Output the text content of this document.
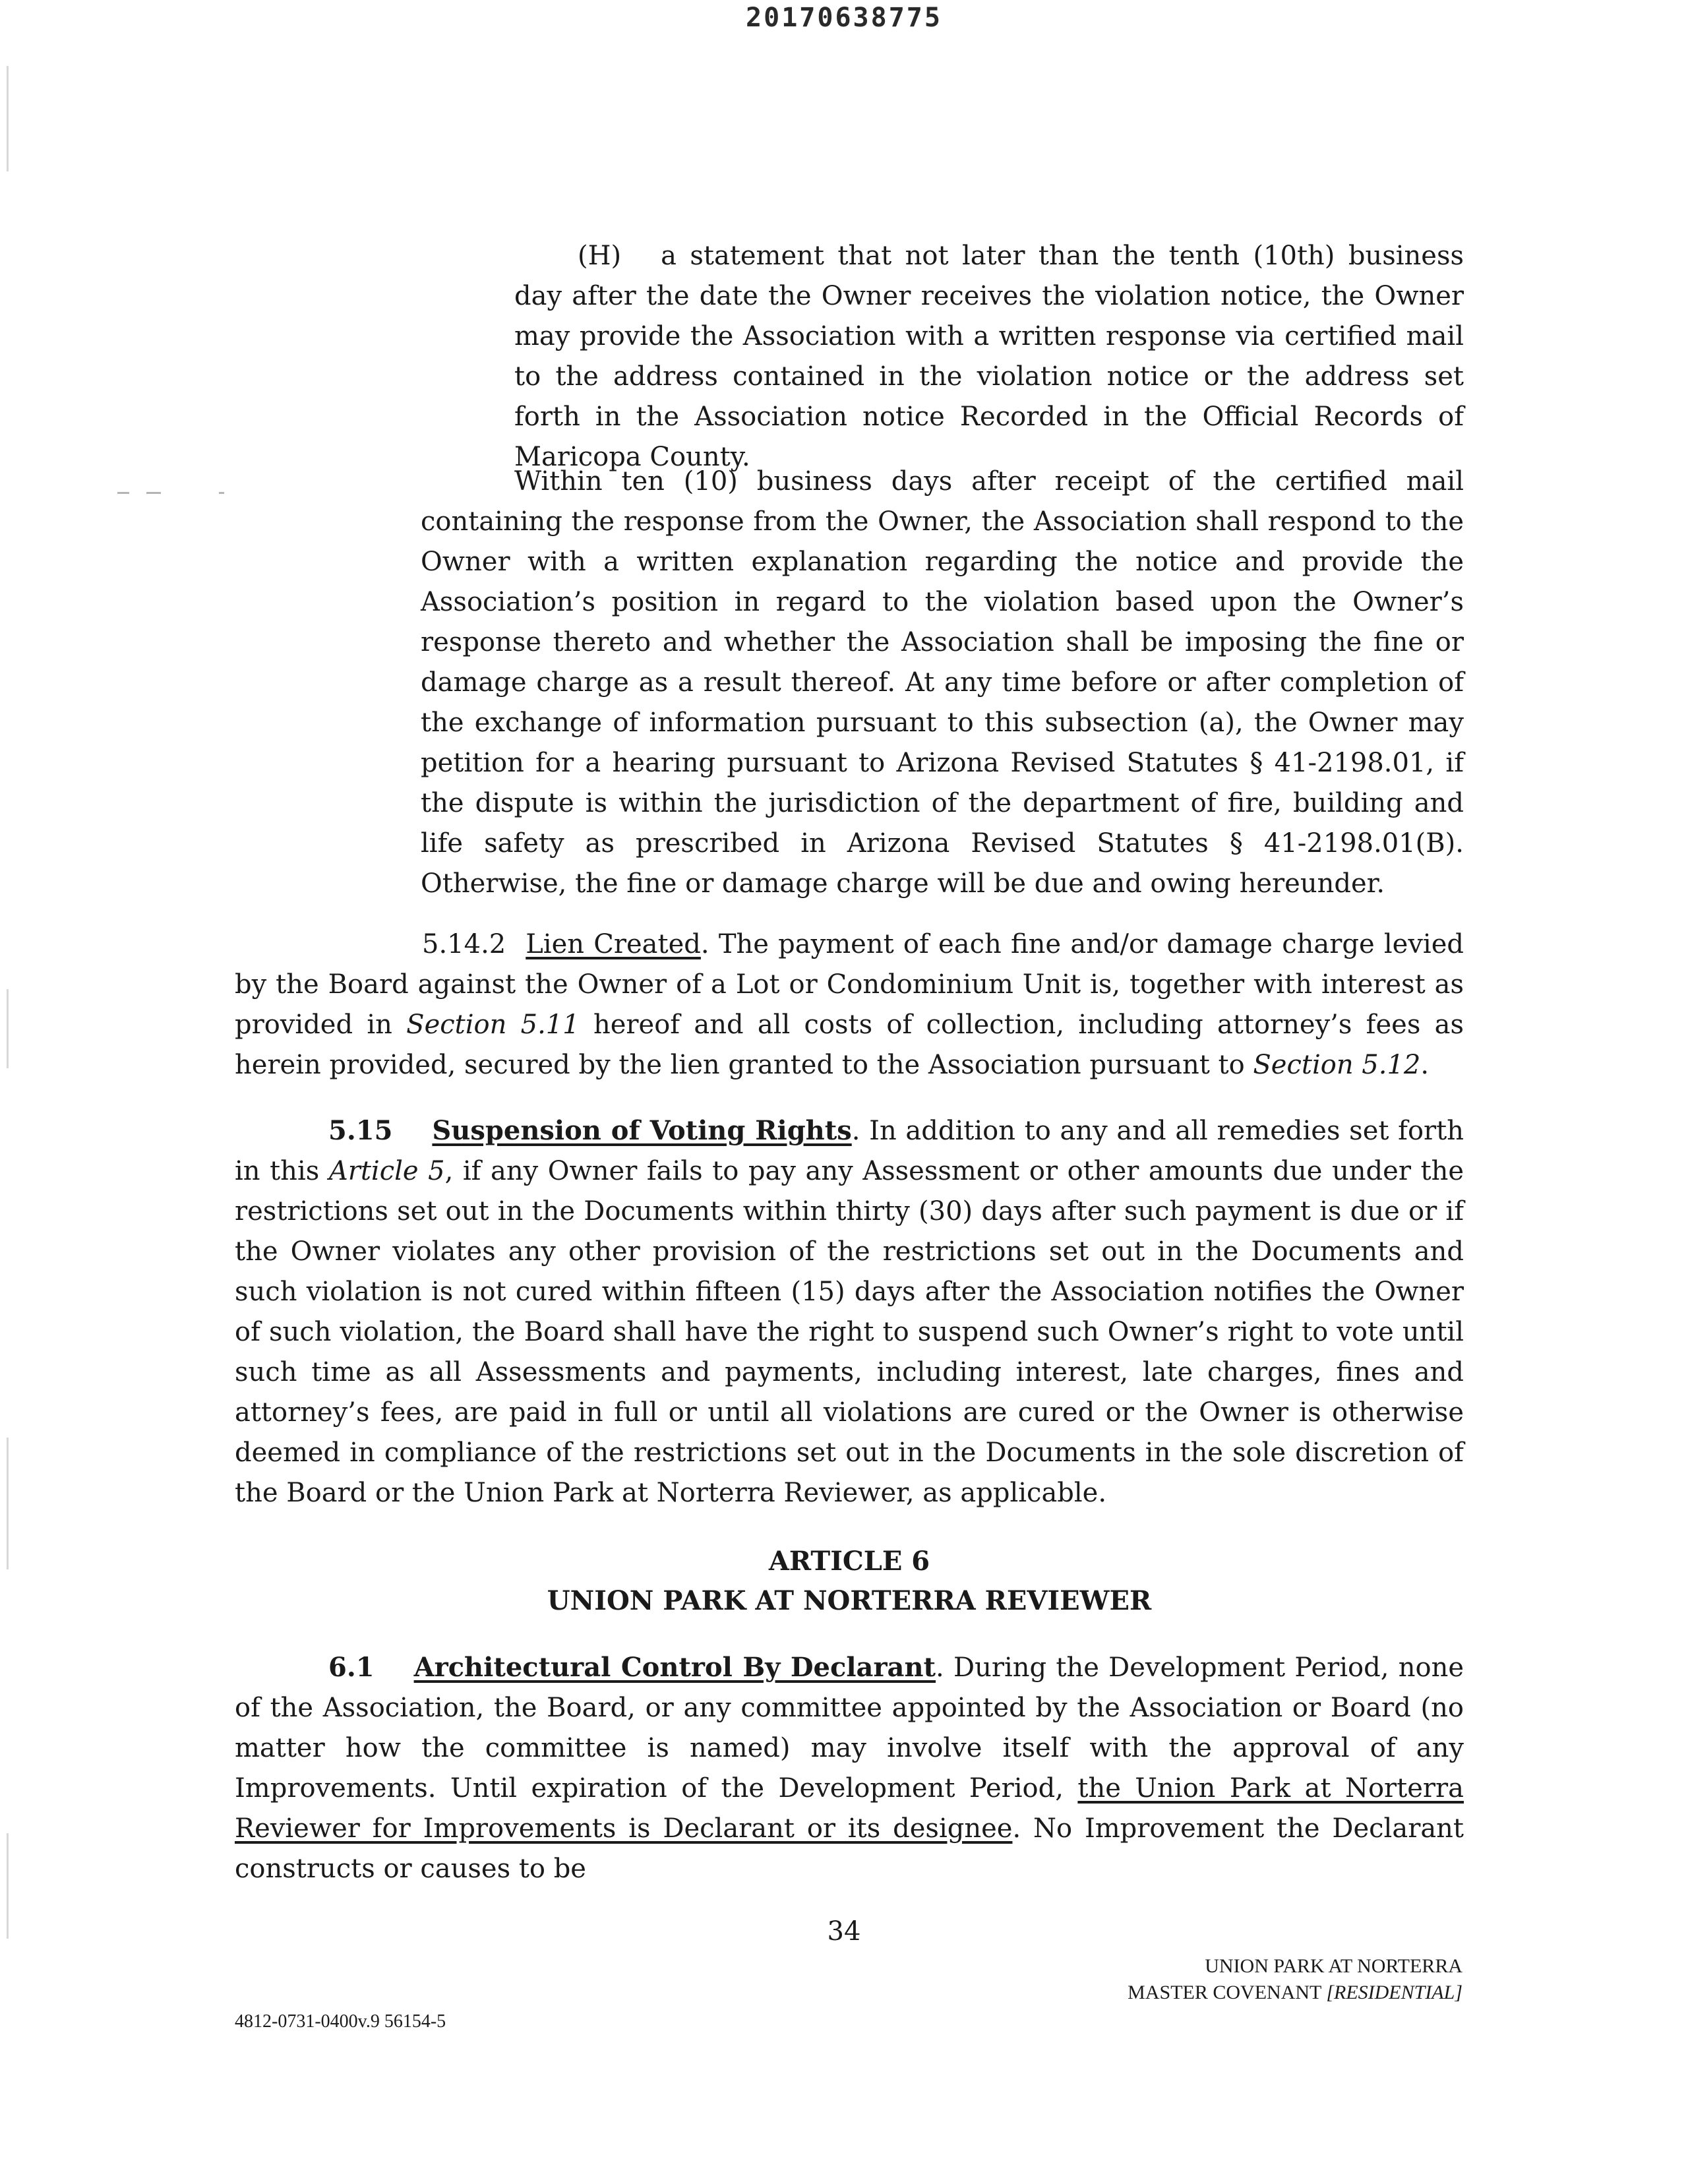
20170638775

(H) a statement that not later than the tenth (10th) business day after the date the Owner receives the violation notice, the Owner may provide the Association with a written response via certified mail to the address contained in the violation notice or the address set forth in the Association notice Recorded in the Official Records of Maricopa County.

Within ten (10) business days after receipt of the certified mail containing the response from the Owner, the Association shall respond to the Owner with a written explanation regarding the notice and provide the Association’s position in regard to the violation based upon the Owner’s response thereto and whether the Association shall be imposing the fine or damage charge as a result thereof. At any time before or after completion of the exchange of information pursuant to this subsection (a), the Owner may petition for a hearing pursuant to Arizona Revised Statutes § 41-2198.01, if the dispute is within the jurisdiction of the department of fire, building and life safety as prescribed in Arizona Revised Statutes § 41-2198.01(B). Otherwise, the fine or damage charge will be due and owing hereunder.

5.14.2 Lien Created. The payment of each fine and/or damage charge levied by the Board against the Owner of a Lot or Condominium Unit is, together with interest as provided in Section 5.11 hereof and all costs of collection, including attorney’s fees as herein provided, secured by the lien granted to the Association pursuant to Section 5.12.

5.15 Suspension of Voting Rights. In addition to any and all remedies set forth in this Article 5, if any Owner fails to pay any Assessment or other amounts due under the restrictions set out in the Documents within thirty (30) days after such payment is due or if the Owner violates any other provision of the restrictions set out in the Documents and such violation is not cured within fifteen (15) days after the Association notifies the Owner of such violation, the Board shall have the right to suspend such Owner’s right to vote until such time as all Assessments and payments, including interest, late charges, fines and attorney’s fees, are paid in full or until all violations are cured or the Owner is otherwise deemed in compliance of the restrictions set out in the Documents in the sole discretion of the Board or the Union Park at Norterra Reviewer, as applicable.

ARTICLE 6
UNION PARK AT NORTERRA REVIEWER

6.1 Architectural Control By Declarant. During the Development Period, none of the Association, the Board, or any committee appointed by the Association or Board (no matter how the committee is named) may involve itself with the approval of any Improvements. Until expiration of the Development Period, the Union Park at Norterra Reviewer for Improvements is Declarant or its designee. No Improvement the Declarant constructs or causes to be

34
UNION PARK AT NORTERRA
MASTER COVENANT [RESIDENTIAL]
4812-0731-0400v.9 56154-5
